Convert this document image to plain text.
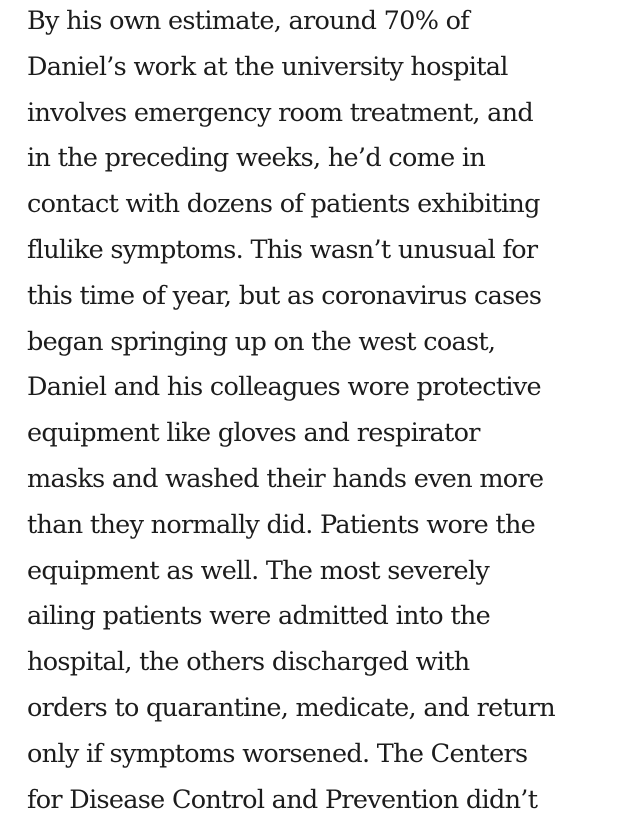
By his own estimate, around 70% of
Daniel’s work at the university hospital
involves emergency room treatment, and
in the preceding weeks, he’d come in
contact with dozens of patients exhibiting
flulike symptoms. This wasn’t unusual for
this time of year, but as coronavirus cases
began springing up on the west coast,
Daniel and his colleagues wore protective
equipment like gloves and respirator
masks and washed their hands even more
than they normally did. Patients wore the
equipment as well. The most severely
ailing patients were admitted into the
hospital, the others discharged with
orders to quarantine, medicate, and return
only if symptoms worsened. The Centers
for Disease Control and Prevention didn’t
